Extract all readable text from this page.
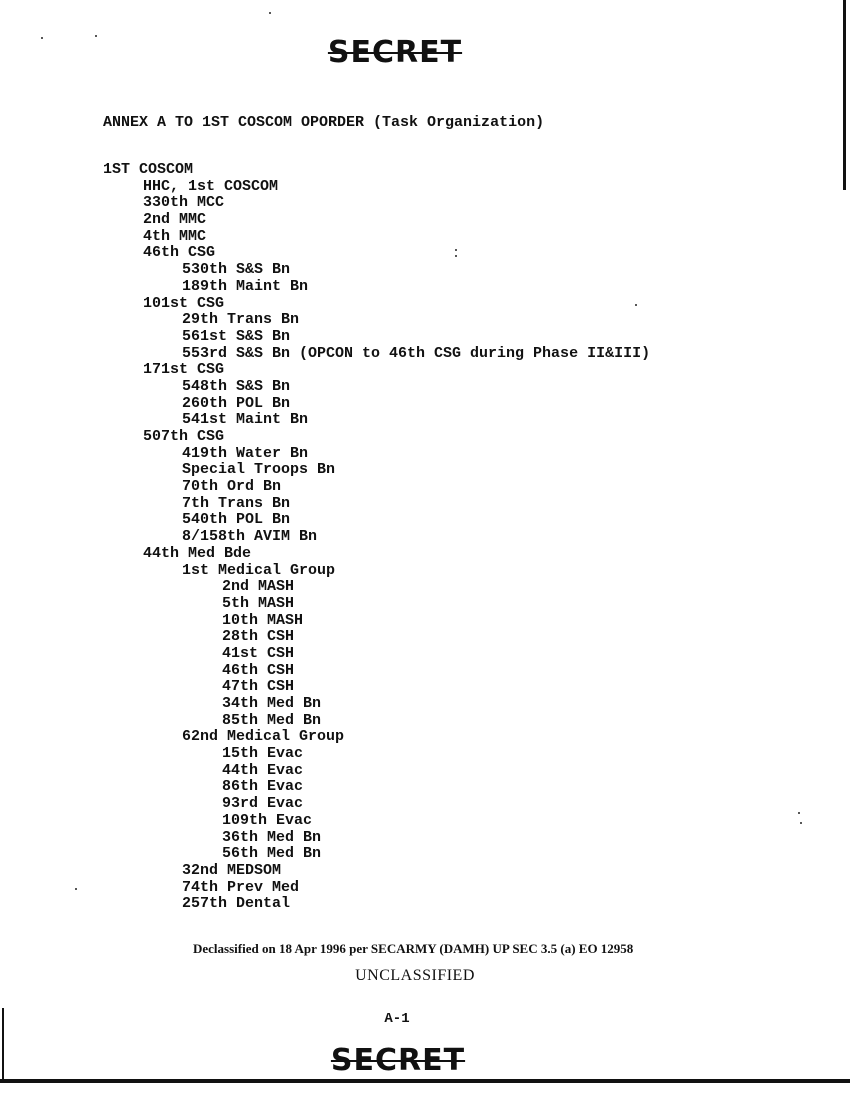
SECRET
ANNEX A TO 1ST COSCOM OPORDER (Task Organization)
1ST COSCOM
HHC, 1st COSCOM
330th MCC
2nd MMC
4th MMC
46th CSG
530th S&S Bn
189th Maint Bn
101st CSG
29th Trans Bn
561st S&S Bn
553rd S&S Bn (OPCON to 46th CSG during Phase II&III)
171st CSG
548th S&S Bn
260th POL Bn
541st Maint Bn
507th CSG
419th Water Bn
Special Troops Bn
70th Ord Bn
7th Trans Bn
540th POL Bn
8/158th AVIM Bn
44th Med Bde
1st Medical Group
2nd MASH
5th MASH
10th MASH
28th CSH
41st CSH
46th CSH
47th CSH
34th Med Bn
85th Med Bn
62nd Medical Group
15th Evac
44th Evac
86th Evac
93rd Evac
109th Evac
36th Med Bn
56th Med Bn
32nd MEDSOM
74th Prev Med
257th Dental
Declassified on 18 Apr 1996 per SECARMY (DAMH) UP SEC 3.5 (a) EO 12958
UNCLASSIFIED
A-1
SECRET
